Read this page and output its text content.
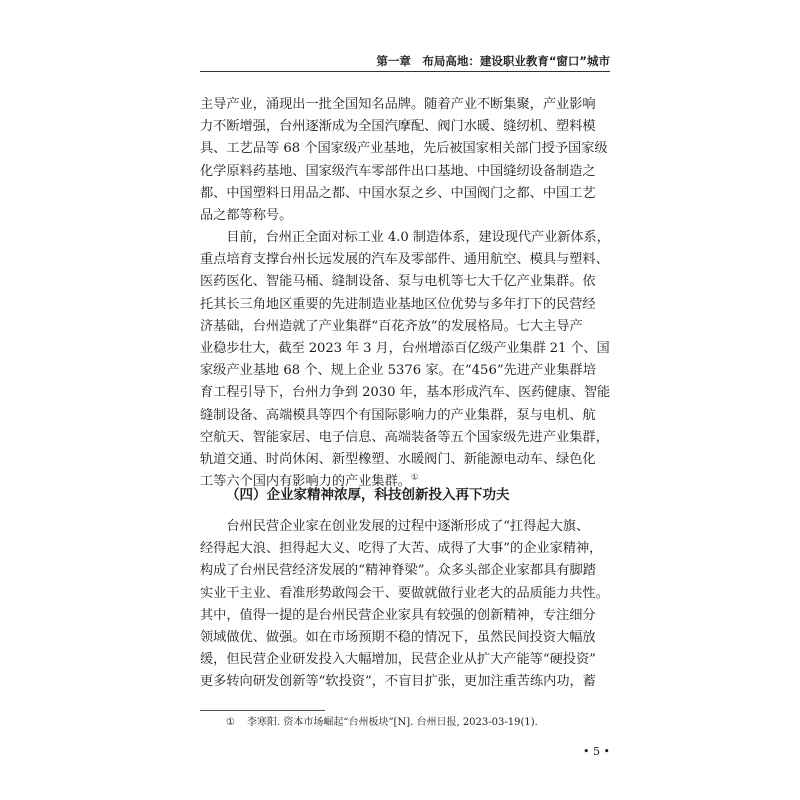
第一章　布局高地：建设职业教育“窗口”城市
主导产业，涌现出一批全国知名品牌。随着产业不断集聚，产业影响
力不断增强，台州逐渐成为全国汽摩配、阀门水暖、缝纫机、塑料模
具、工艺品等 68 个国家级产业基地，先后被国家相关部门授予国家级
化学原料药基地、国家级汽车零部件出口基地、中国缝纫设备制造之
都、中国塑料日用品之都、中国水泵之乡、中国阀门之都、中国工艺
品之都等称号。
　　目前，台州正全面对标工业 4.0 制造体系，建设现代产业新体系，
重点培育支撑台州长远发展的汽车及零部件、通用航空、模具与塑料、
医药医化、智能马桶、缝制设备、泵与电机等七大千亿产业集群。依
托其长三角地区重要的先进制造业基地区位优势与多年打下的民营经
济基础，台州造就了产业集群“百花齐放”的发展格局。七大主导产
业稳步壮大，截至 2023 年 3 月，台州增添百亿级产业集群 21 个、国
家级产业基地 68 个、规上企业 5376 家。在“456”先进产业集群培
育工程引导下，台州力争到 2030 年，基本形成汽车、医药健康、智能
缝制设备、高端模具等四个有国际影响力的产业集群，泵与电机、航
空航天、智能家居、电子信息、高端装备等五个国家级先进产业集群，
轨道交通、时尚休闲、新型橡塑、水暖阀门、新能源电动车、绿色化
工等六个国内有影响力的产业集群。①
（四）企业家精神浓厚，科技创新投入再下功夫
　　台州民营企业家在创业发展的过程中逐渐形成了“扛得起大旗、
经得起大浪、担得起大义、吃得了大苦、成得了大事”的企业家精神，
构成了台州民营经济发展的“精神脊梁”。众多头部企业家都具有脚踏
实业干主业、看准形势敢闯会干、要做就做行业老大的品质能力共性。
其中，值得一提的是台州民营企业家具有较强的创新精神，专注细分
领域做优、做强。如在市场预期不稳的情况下，虽然民间投资大幅放
缓，但民营企业研发投入大幅增加，民营企业从扩大产能等“硬投资”
更多转向研发创新等“软投资”，不盲目扩张，更加注重苦练内功，蓄
① 李寒阳. 资本市场崛起“台州板块”[N]. 台州日报, 2023-03-19(1).
• 5 •
